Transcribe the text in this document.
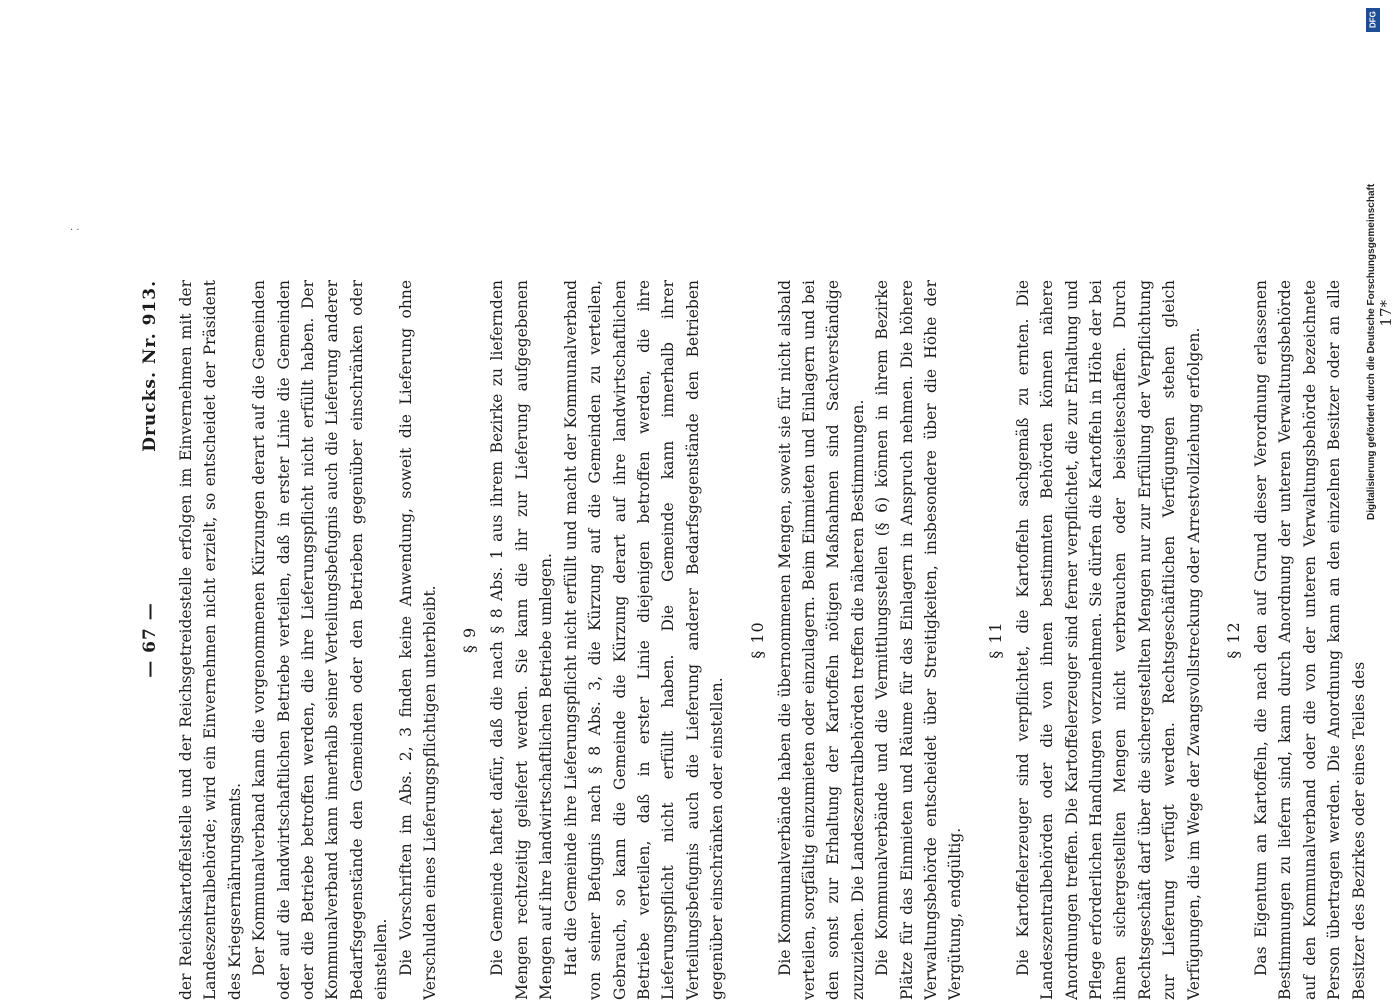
— 67 —
Drucks. Nr. 913. der Reichskartoffelstelle und der Reichsgetreidestelle erfolgen im Einvernehmen mit der Landeszentralbehörde; wird ein Einvernehmen nicht erzielt, so entscheidet der Präsident des Kriegsernährungsamts. Der Kommunalverband kann die vorgenommenen Kürzungen derart auf die Gemeinden oder auf die landwirtschaftlichen Betriebe verteilen, daß in erster Linie die Gemeinden oder die Betriebe betroffen werden, die ihre Lieferungspflicht nicht erfüllt haben. Der Kommunalverband kann innerhalb seiner Verteilungsbefugnis auch die Lieferung anderer Bedarfsgegenstände den Gemeinden oder den Betrieben gegenüber einschränken oder einstellen. Die Vorschriften im Abs. 2, 3 finden keine Anwendung, soweit die Lieferung ohne Verschulden eines Lieferungspflichtigen unterbleibt. § 9 Die Gemeinde haftet dafür, daß die nach § 8 Abs. 1 aus ihrem Bezirke zu liefernden Mengen rechtzeitig geliefert werden. Sie kann die ihr zur Lieferung aufgegebenen Mengen auf ihre landwirtschaftlichen Betriebe umlegen. Hat die Gemeinde ihre Lieferungspflicht nicht erfüllt und macht der Kommunalverband von seiner Befugnis nach § 8 Abs. 3, die Kürzung auf die Gemeinden zu verteilen, Gebrauch, so kann die Gemeinde die Kürzung derart auf ihre landwirtschaftlichen Betriebe verteilen, daß in erster Linie diejenigen betroffen werden, die ihre Lieferungspflicht nicht erfüllt haben. Die Gemeinde kann innerhalb ihrer Verteilungsbefugnis auch die Lieferung anderer Bedarfsgegenstände den Betrieben gegenüber einschränken oder einstellen.

§ 10 Die Kommunalverbände haben die übernommenen Mengen, soweit sie für nicht alsbald verteilen, sorgfältig einzumieten oder einzulagern. Beim Einmieten und Einlagern und bei den sonst zur Erhaltung der Kartoffeln nötigen Maßnahmen sind Sachverständige zuzuziehen. Die Landeszentralbehörden treffen die näheren Bestimmungen. Die Kommunalverbände und die Vermittlungsstellen (§ 6) können in ihrem Bezirke Plätze für das Einmieten und Räume für das Einlagern in Anspruch nehmen. Die höhere Verwaltungsbehörde entscheidet über Streitigkeiten, insbesondere über die Höhe der Vergütung, endgültig.

§ 11 Die Kartoffelerzeuger sind verpflichtet, die Kartoffeln sachgemäß zu ernten. Die Landeszentralbehörden oder die von ihnen bestimmten Behörden können nähere Anordnungen treffen. Die Kartoffelerzeuger sind ferner verpflichtet, die zur Erhaltung und Pflege erforderlichen Handlungen vorzunehmen. Sie dürfen die Kartoffeln in Höhe der bei ihnen sichergestellten Mengen nicht verbrauchen oder beiseiteschaffen. Durch Rechtsgeschäft darf über die sichergestellten Mengen nur zur Erfüllung der Verpflichtung zur Lieferung verfügt werden. Rechtsgeschäftlichen Verfügungen stehen gleich Verfügungen, die im Wege der Zwangsvollstreckung oder Arrestvollziehung erfolgen. § 12 Das Eigentum an Kartoffeln, die nach den auf Grund dieser Verordnung erlassenen Bestimmungen zu liefern sind, kann durch Anordnung der unteren Verwaltungsbehörde auf den Kommunalverband oder die von der unteren Verwaltungsbehörde bezeichnete Person übertragen werden. Die Anordnung kann an den einzelnen Besitzer oder an alle Besitzer des Bezirkes oder eines Teiles des

17*
· ·
DFG
Digitalisierung gefördert durch die Deutsche Forschungsgemeinschaft
